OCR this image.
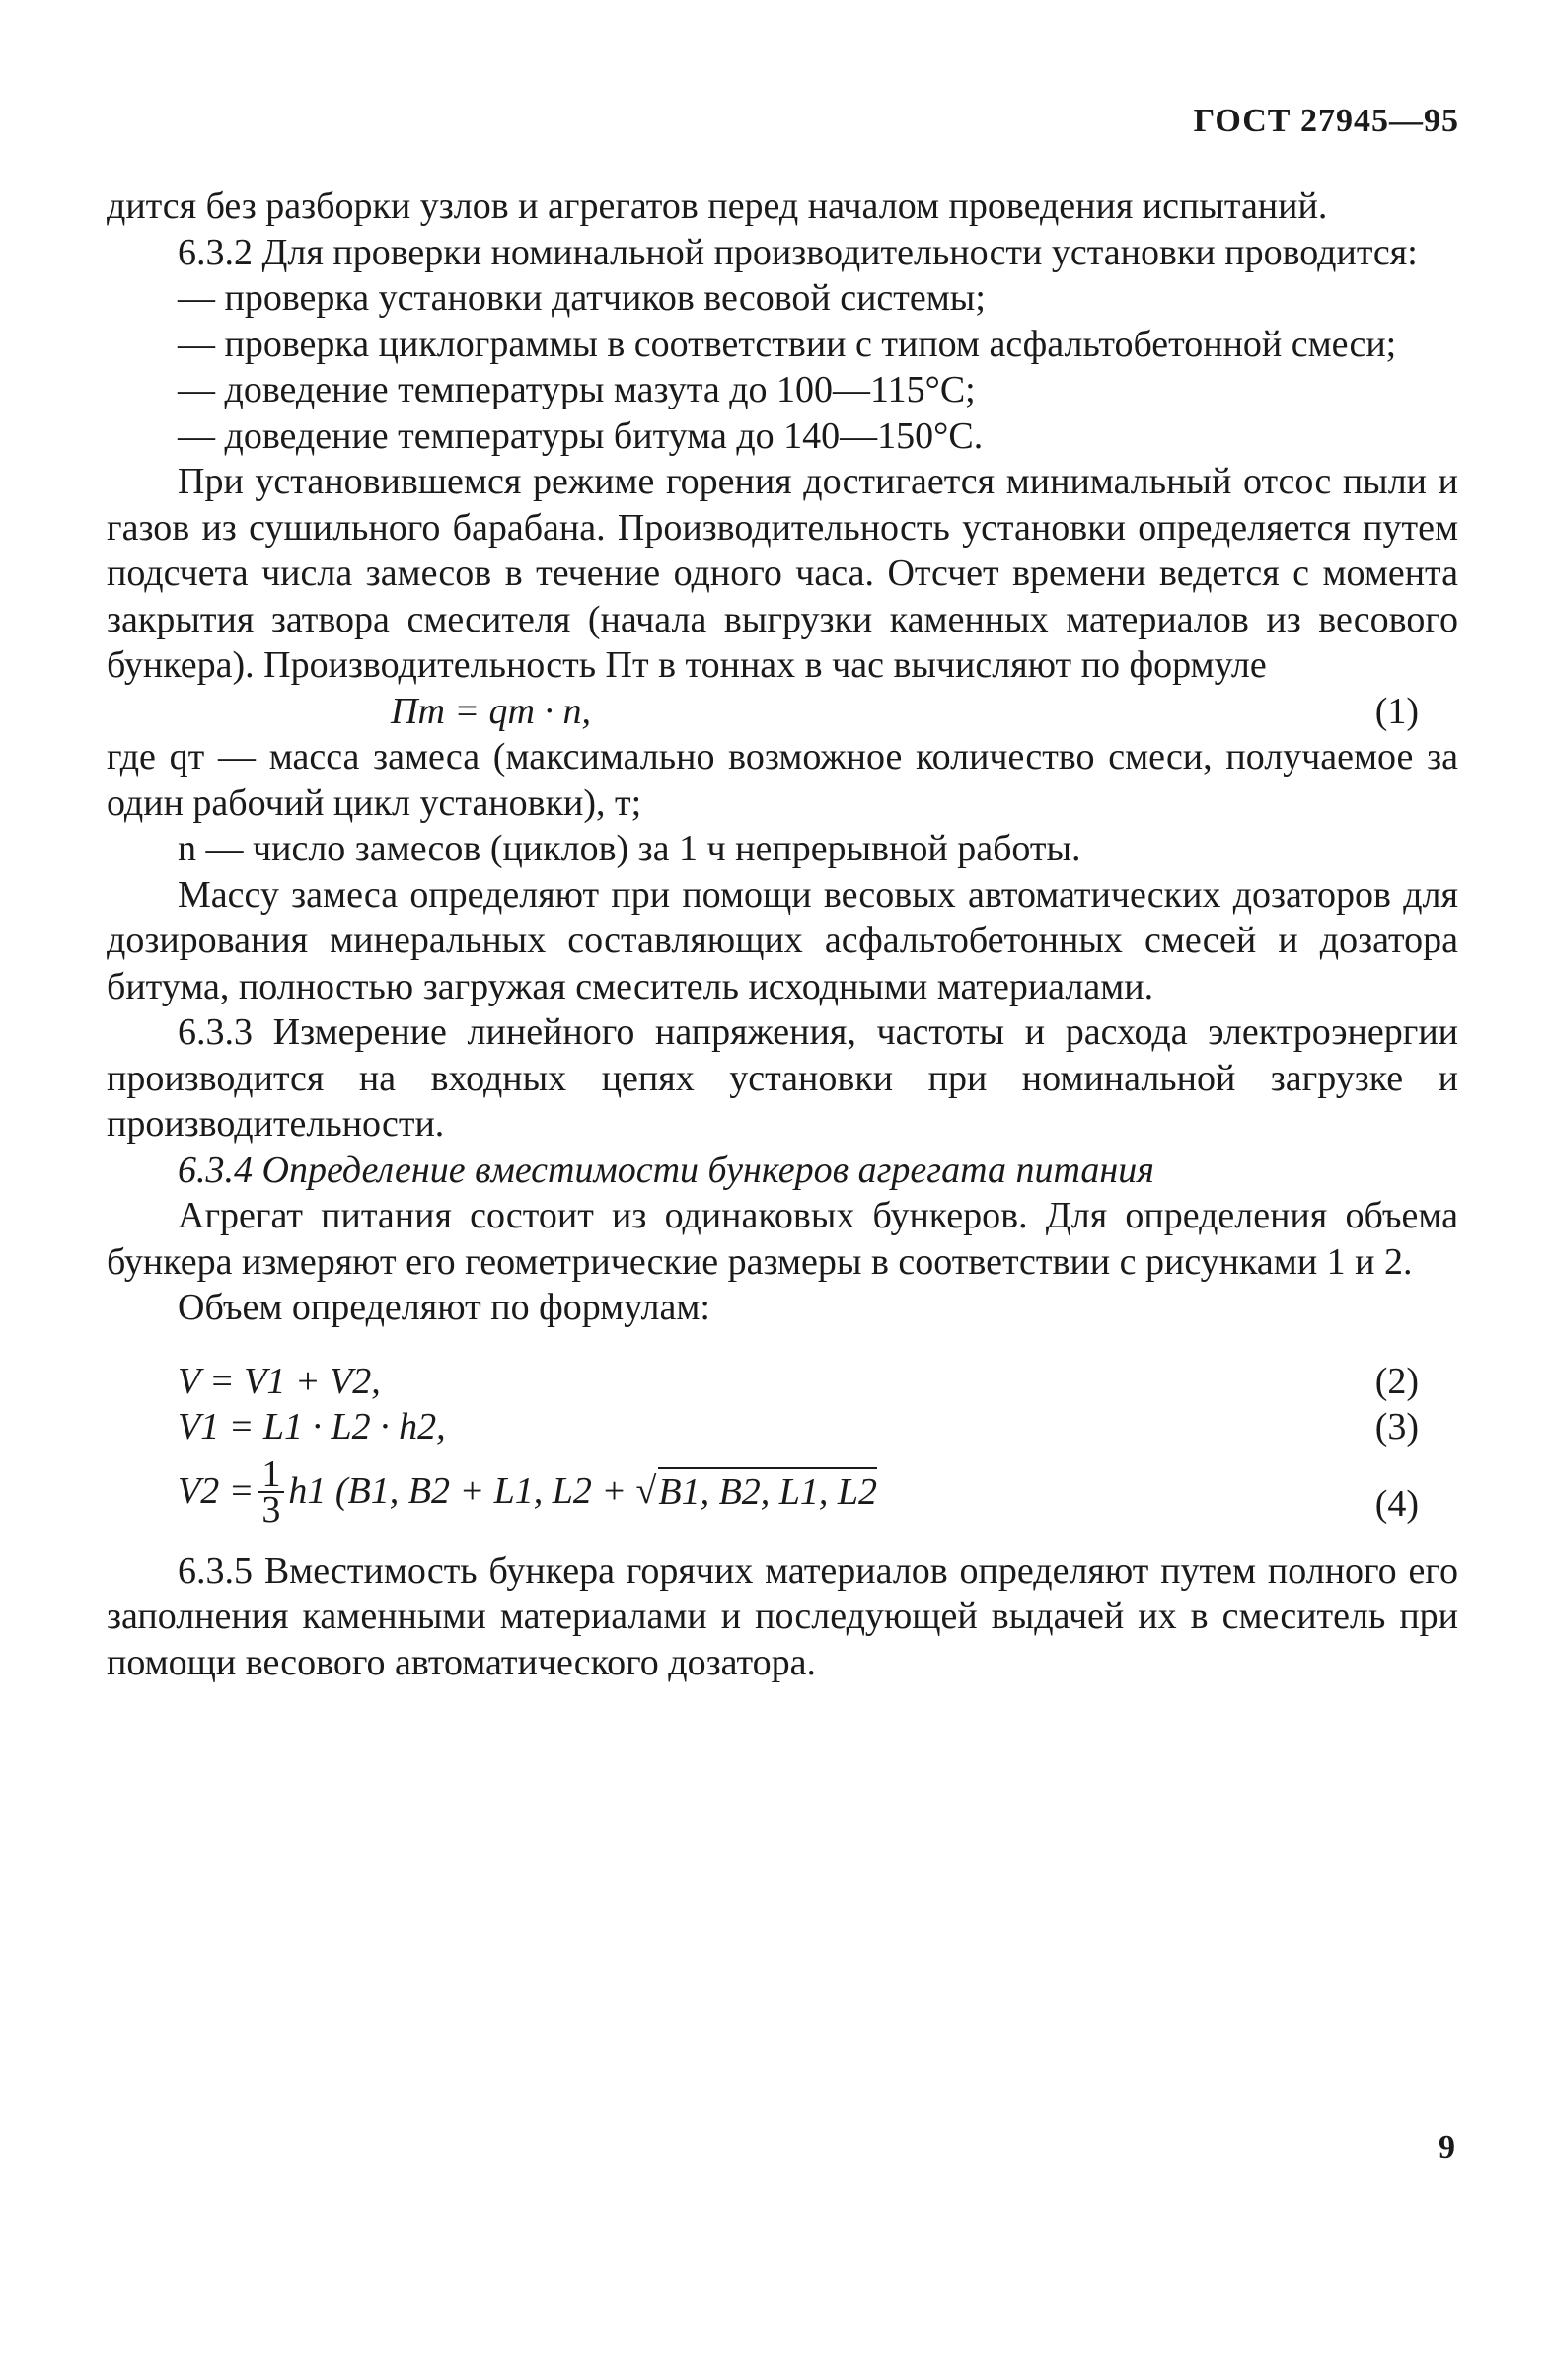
ГОСТ 27945—95

дится без разборки узлов и агрегатов перед началом проведения испытаний.

6.3.2 Для проверки номинальной производительности установки проводится:

— проверка установки датчиков весовой системы;

— проверка циклограммы в соответствии с типом асфальтобетонной смеси;

— доведение температуры мазута до 100—115°С;

— доведение температуры битума до 140—150°С.

При установившемся режиме горения достигается минимальный отсос пыли и газов из сушильного барабана. Производительность установки определяется путем подсчета числа замесов в течение одного часа. Отсчет времени ведется с момента закрытия затвора смесителя (начала выгрузки каменных материалов из весового бункера). Производительность Пт в тоннах в час вычисляют по формуле

Пт = qт · n,	(1)

где qт — масса замеса (максимально возможное количество смеси, получаемое за один рабочий цикл установки), т;

n — число замесов (циклов) за 1 ч непрерывной работы.

Массу замеса определяют при помощи весовых автоматических дозаторов для дозирования минеральных составляющих асфальтобетонных смесей и дозатора битума, полностью загружая смеситель исходными материалами.

6.3.3 Измерение линейного напряжения, частоты и расхода электроэнергии производится на входных цепях установки при номинальной загрузке и производительности.

6.3.4 Определение вместимости бункеров агрегата питания

Агрегат питания состоит из одинаковых бункеров. Для определения объема бункера измеряют его геометрические размеры в соответствии с рисунками 1 и 2.

Объем определяют по формулам:

V = V1 + V2,	(2)
V1 = L1 · L2 · h2,	(3)
$V2 = \frac{1}{3} h1$ (B1, B2 + L1, L2 + √ B1, B2, L1, L2	(4)

6.3.5 Вместимость бункера горячих материалов определяют путем полного его заполнения каменными материалами и последующей выдачей их в смеситель при помощи весового автоматического дозатора.

9
